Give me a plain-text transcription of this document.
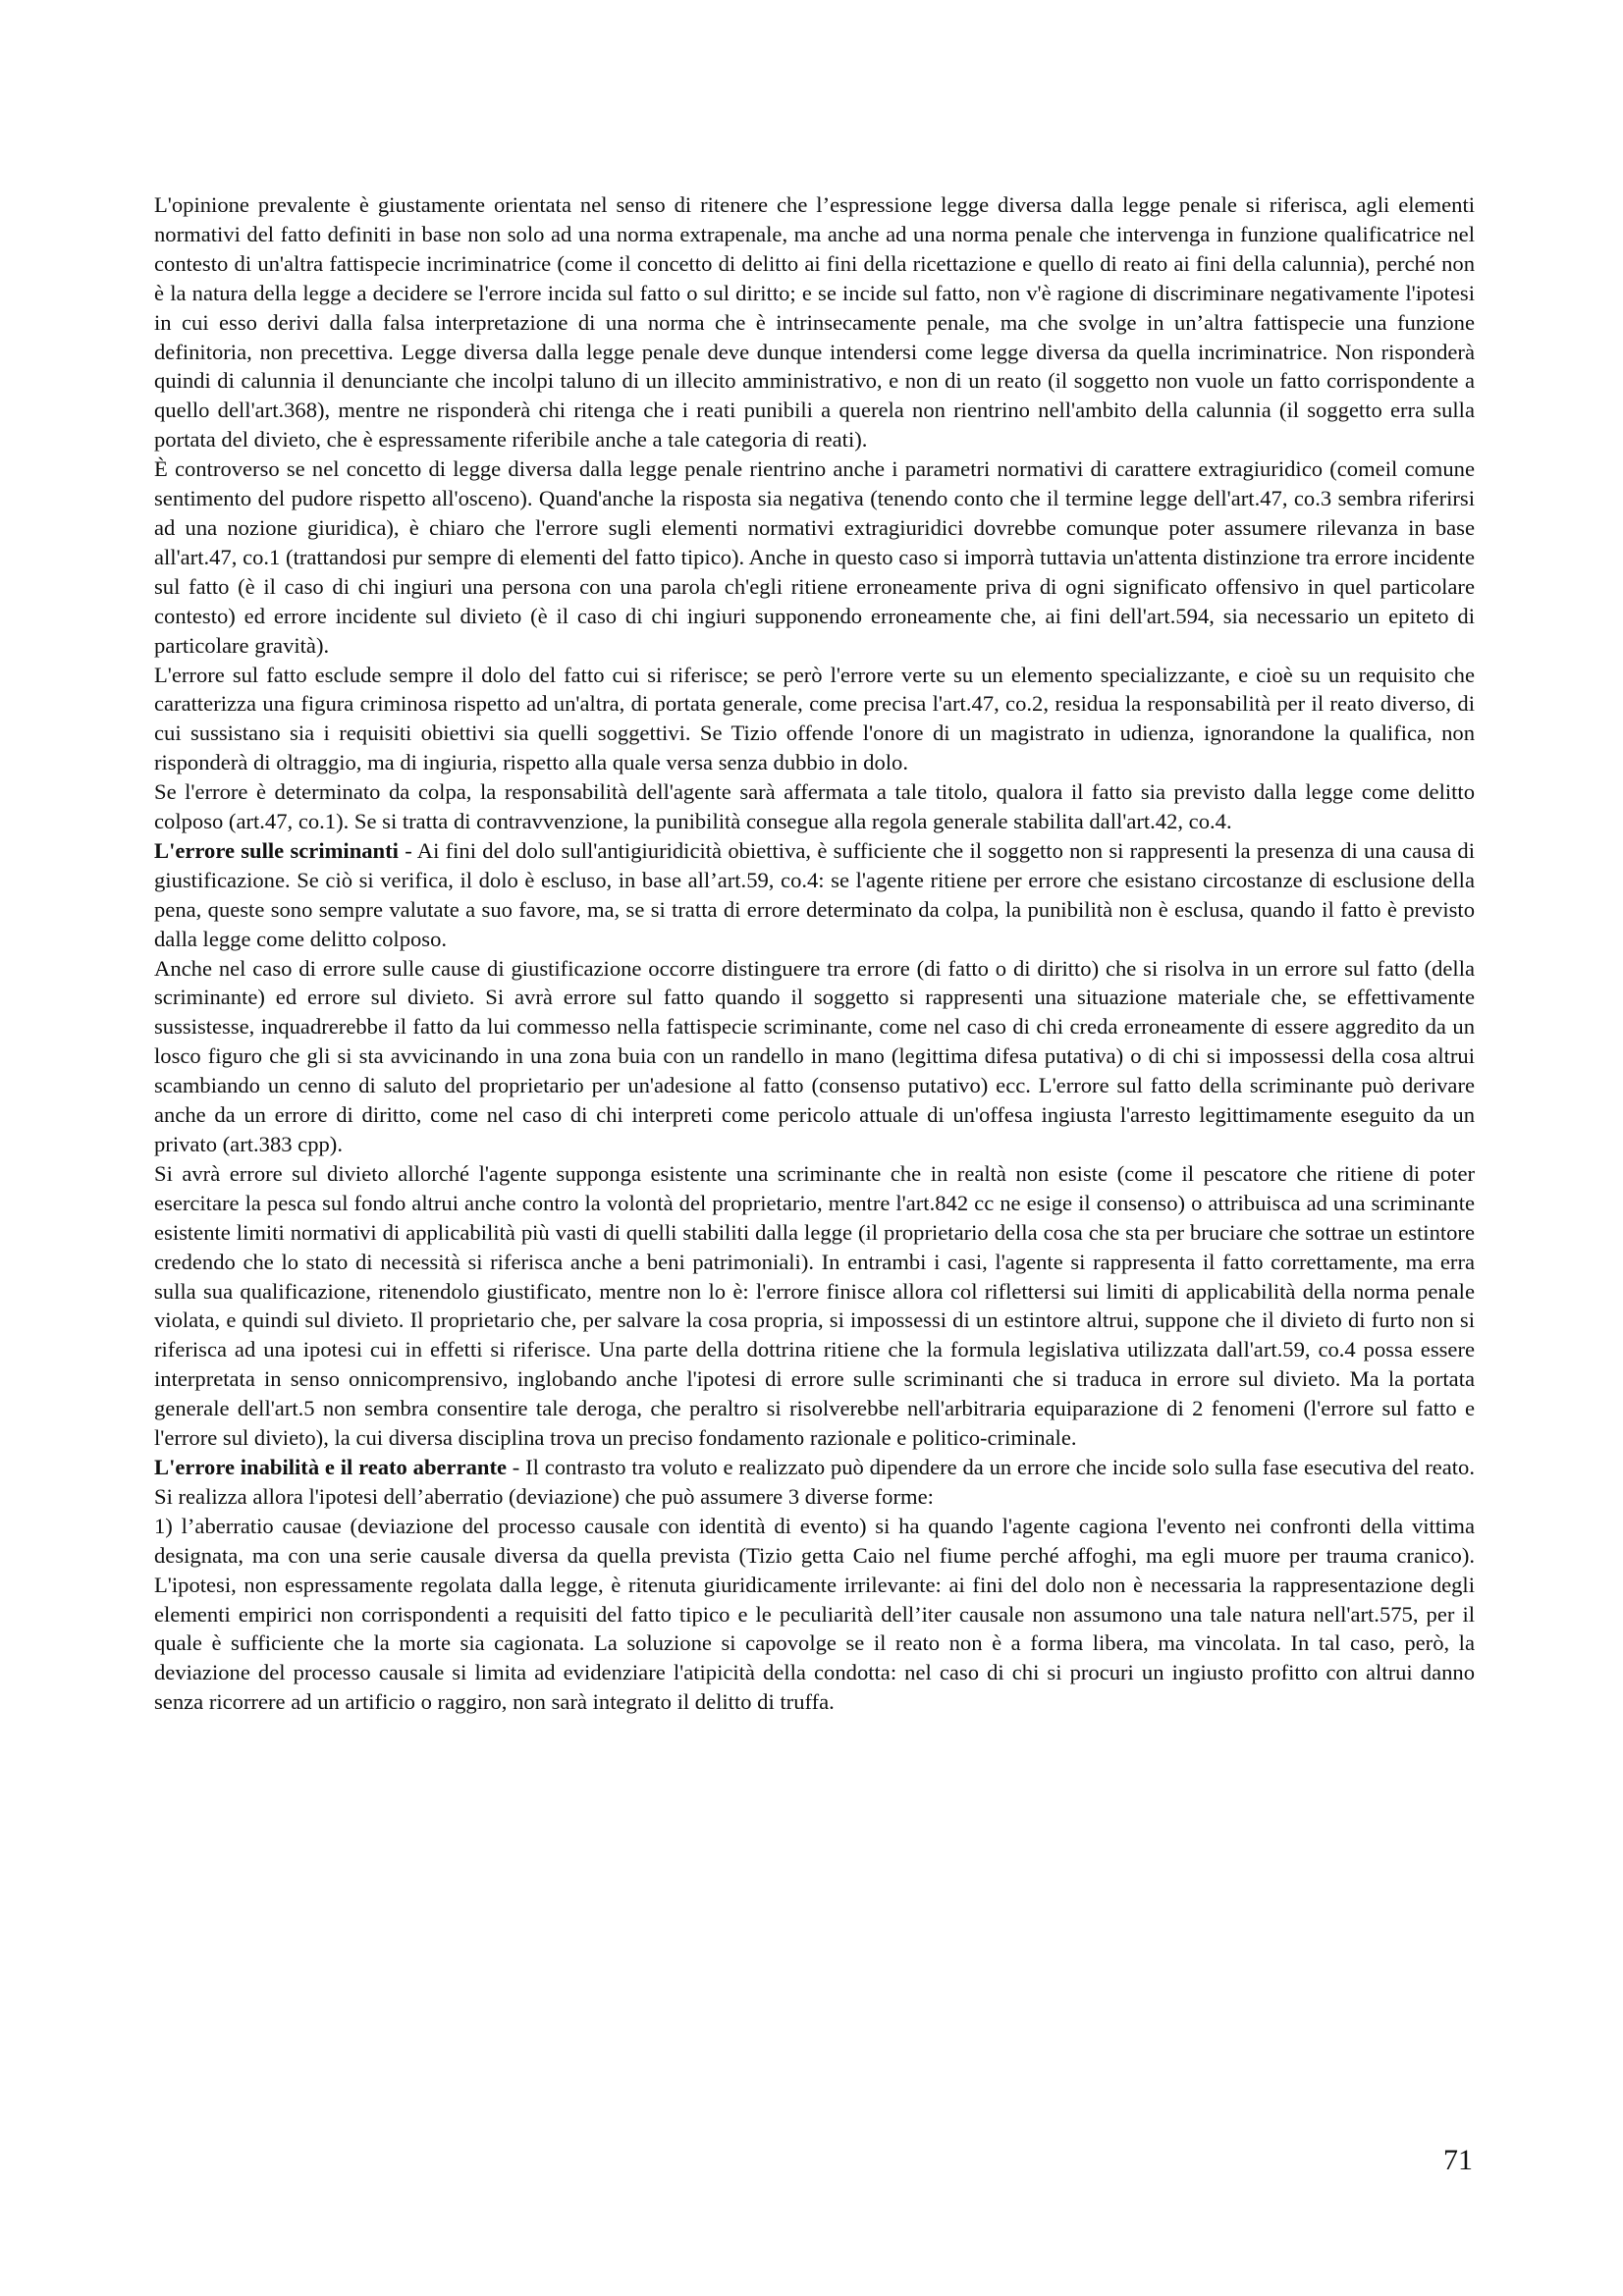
L'opinione prevalente è giustamente orientata nel senso di ritenere che l’espressione legge diversa dalla legge penale si riferisca, agli elementi normativi del fatto definiti in base non solo ad una norma extrapenale, ma anche ad una norma penale che intervenga in funzione qualificatrice nel contesto di un'altra fattispecie incriminatrice (come il concetto di delitto ai fini della ricettazione e quello di reato ai fini della calunnia), perché non è la natura della legge a decidere se l'errore incida sul fatto o sul diritto; e se incide sul fatto, non v'è ragione di discriminare negativamente l'ipotesi in cui esso derivi dalla falsa interpretazione di una norma che è intrinsecamente penale, ma che svolge in un’altra fattispecie una funzione definitoria, non precettiva. Legge diversa dalla legge penale deve dunque intendersi come legge diversa da quella incriminatrice. Non risponderà quindi di calunnia il denunciante che incolpi taluno di un illecito amministrativo, e non di un reato (il soggetto non vuole un fatto corrispondente a quello dell'art.368), mentre ne risponderà chi ritenga che i reati punibili a querela non rientrino nell'ambito della calunnia (il soggetto erra sulla portata del divieto, che è espressamente riferibile anche a tale categoria di reati).

È controverso se nel concetto di legge diversa dalla legge penale rientrino anche i parametri normativi di carattere extragiuridico (comeil comune sentimento del pudore rispetto all'osceno). Quand'anche la risposta sia negativa (tenendo conto che il termine legge dell'art.47, co.3 sembra riferirsi ad una nozione giuridica), è chiaro che l'errore sugli elementi normativi extragiuridici dovrebbe comunque poter assumere rilevanza in base all'art.47, co.1 (trattandosi pur sempre di elementi del fatto tipico). Anche in questo caso si imporrà tuttavia un'attenta distinzione tra errore incidente sul fatto (è il caso di chi ingiuri una persona con una parola ch'egli ritiene erroneamente priva di ogni significato offensivo in quel particolare contesto) ed errore incidente sul divieto (è il caso di chi ingiuri supponendo erroneamente che, ai fini dell'art.594, sia necessario un epiteto di particolare gravità).

L'errore sul fatto esclude sempre il dolo del fatto cui si riferisce; se però l'errore verte su un elemento specializzante, e cioè su un requisito che caratterizza una figura criminosa rispetto ad un'altra, di portata generale, come precisa l'art.47, co.2, residua la responsabilità per il reato diverso, di cui sussistano sia i requisiti obiettivi sia quelli soggettivi. Se Tizio offende l'onore di un magistrato in udienza, ignorandone la qualifica, non risponderà di oltraggio, ma di ingiuria, rispetto alla quale versa senza dubbio in dolo.

Se l'errore è determinato da colpa, la responsabilità dell'agente sarà affermata a tale titolo, qualora il fatto sia previsto dalla legge come delitto colposo (art.47, co.1). Se si tratta di contravvenzione, la punibilità consegue alla regola generale stabilita dall'art.42, co.4.

L'errore sulle scriminanti - Ai fini del dolo sull'antigiuridicità obiettiva, è sufficiente che il soggetto non si rappresenti la presenza di una causa di giustificazione. Se ciò si verifica, il dolo è escluso, in base all’art.59, co.4: se l'agente ritiene per errore che esistano circostanze di esclusione della pena, queste sono sempre valutate a suo favore, ma, se si tratta di errore determinato da colpa, la punibilità non è esclusa, quando il fatto è previsto dalla legge come delitto colposo.

Anche nel caso di errore sulle cause di giustificazione occorre distinguere tra errore (di fatto o di diritto) che si risolva in un errore sul fatto (della scriminante) ed errore sul divieto. Si avrà errore sul fatto quando il soggetto si rappresenti una situazione materiale che, se effettivamente sussistesse, inquadrerebbe il fatto da lui commesso nella fattispecie scriminante, come nel caso di chi creda erroneamente di essere aggredito da un losco figuro che gli si sta avvicinando in una zona buia con un randello in mano (legittima difesa putativa) o di chi si impossessi della cosa altrui scambiando un cenno di saluto del proprietario per un'adesione al fatto (consenso putativo) ecc. L'errore sul fatto della scriminante può derivare anche da un errore di diritto, come nel caso di chi interpreti come pericolo attuale di un'offesa ingiusta l'arresto legittimamente eseguito da un privato (art.383 cpp).

Si avrà errore sul divieto allorché l'agente supponga esistente una scriminante che in realtà non esiste (come il pescatore che ritiene di poter esercitare la pesca sul fondo altrui anche contro la volontà del proprietario, mentre l'art.842 cc ne esige il consenso) o attribuisca ad una scriminante esistente limiti normativi di applicabilità più vasti di quelli stabiliti dalla legge (il proprietario della cosa che sta per bruciare che sottrae un estintore credendo che lo stato di necessità si riferisca anche a beni patrimoniali). In entrambi i casi, l'agente si rappresenta il fatto correttamente, ma erra sulla sua qualificazione, ritenendolo giustificato, mentre non lo è: l'errore finisce allora col riflettersi sui limiti di applicabilità della norma penale violata, e quindi sul divieto. Il proprietario che, per salvare la cosa propria, si impossessi di un estintore altrui, suppone che il divieto di furto non si riferisca ad una ipotesi cui in effetti si riferisce. Una parte della dottrina ritiene che la formula legislativa utilizzata dall'art.59, co.4 possa essere interpretata in senso onnicomprensivo, inglobando anche l'ipotesi di errore sulle scriminanti che si traduca in errore sul divieto. Ma la portata generale dell'art.5 non sembra consentire tale deroga, che peraltro si risolverebbe nell'arbitraria equiparazione di 2 fenomeni (l'errore sul fatto e l'errore sul divieto), la cui diversa disciplina trova un preciso fondamento razionale e politico-criminale.

L'errore inabilità e il reato aberrante - Il contrasto tra voluto e realizzato può dipendere da un errore che incide solo sulla fase esecutiva del reato. Si realizza allora l'ipotesi dell’aberratio (deviazione) che può assumere 3 diverse forme:

1) l’aberratio causae (deviazione del processo causale con identità di evento) si ha quando l'agente cagiona l'evento nei confronti della vittima designata, ma con una serie causale diversa da quella prevista (Tizio getta Caio nel fiume perché affoghi, ma egli muore per trauma cranico). L'ipotesi, non espressamente regolata dalla legge, è ritenuta giuridicamente irrilevante: ai fini del dolo non è necessaria la rappresentazione degli elementi empirici non corrispondenti a requisiti del fatto tipico e le peculiarità dell’iter causale non assumono una tale natura nell'art.575, per il quale è sufficiente che la morte sia cagionata. La soluzione si capovolge se il reato non è a forma libera, ma vincolata. In tal caso, però, la deviazione del processo causale si limita ad evidenziare l'atipicità della condotta: nel caso di chi si procuri un ingiusto profitto con altrui danno senza ricorrere ad un artificio o raggiro, non sarà integrato il delitto di truffa.

71
